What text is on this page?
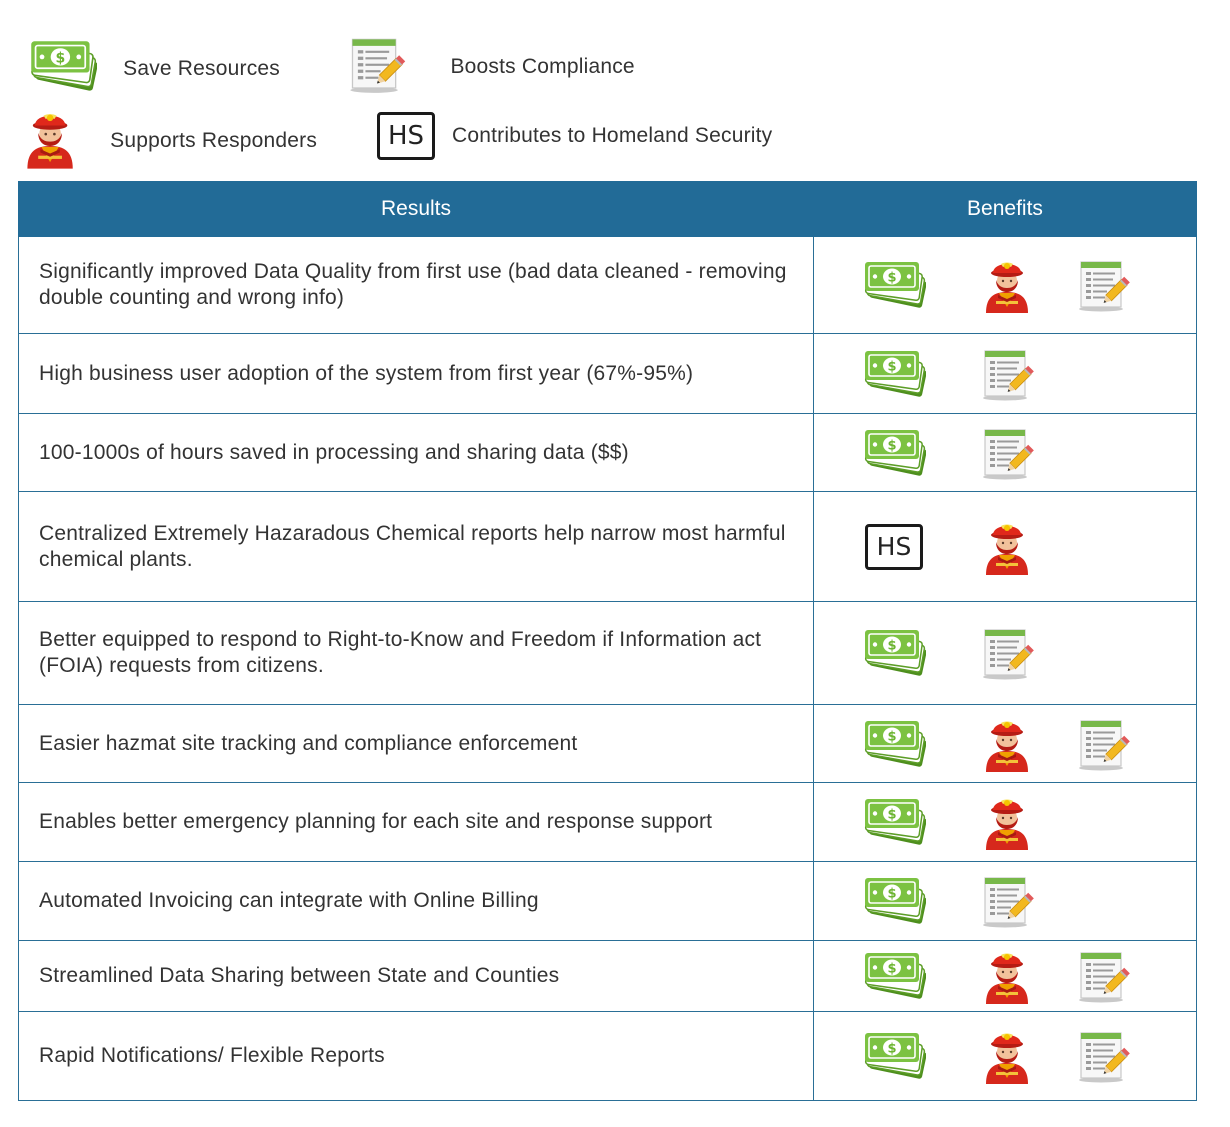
$	Save Resources	Boosts Compliance
Supports Responders	HS	Contributes to Homeland Security
Results	Benefits
Significantly improved Data Quality from first use (bad data cleaned - removing double counting and wrong info)	$

High business user adoption of the system from first year (67%-95%)	$

100-1000s of hours saved in processing and sharing data ($$)	$

Centralized Extremely Hazaradous Chemical reports help narrow most harmful chemical plants.	HS

Better equipped to respond to Right-to-Know and Freedom if Information act (FOIA) requests from citizens.	$

Easier hazmat site tracking and compliance enforcement	$

Enables better emergency planning for each site and response support	$

Automated Invoicing can integrate with Online Billing	$

Streamlined Data Sharing between State and Counties	$

Rapid Notifications/ Flexible Reports	$
